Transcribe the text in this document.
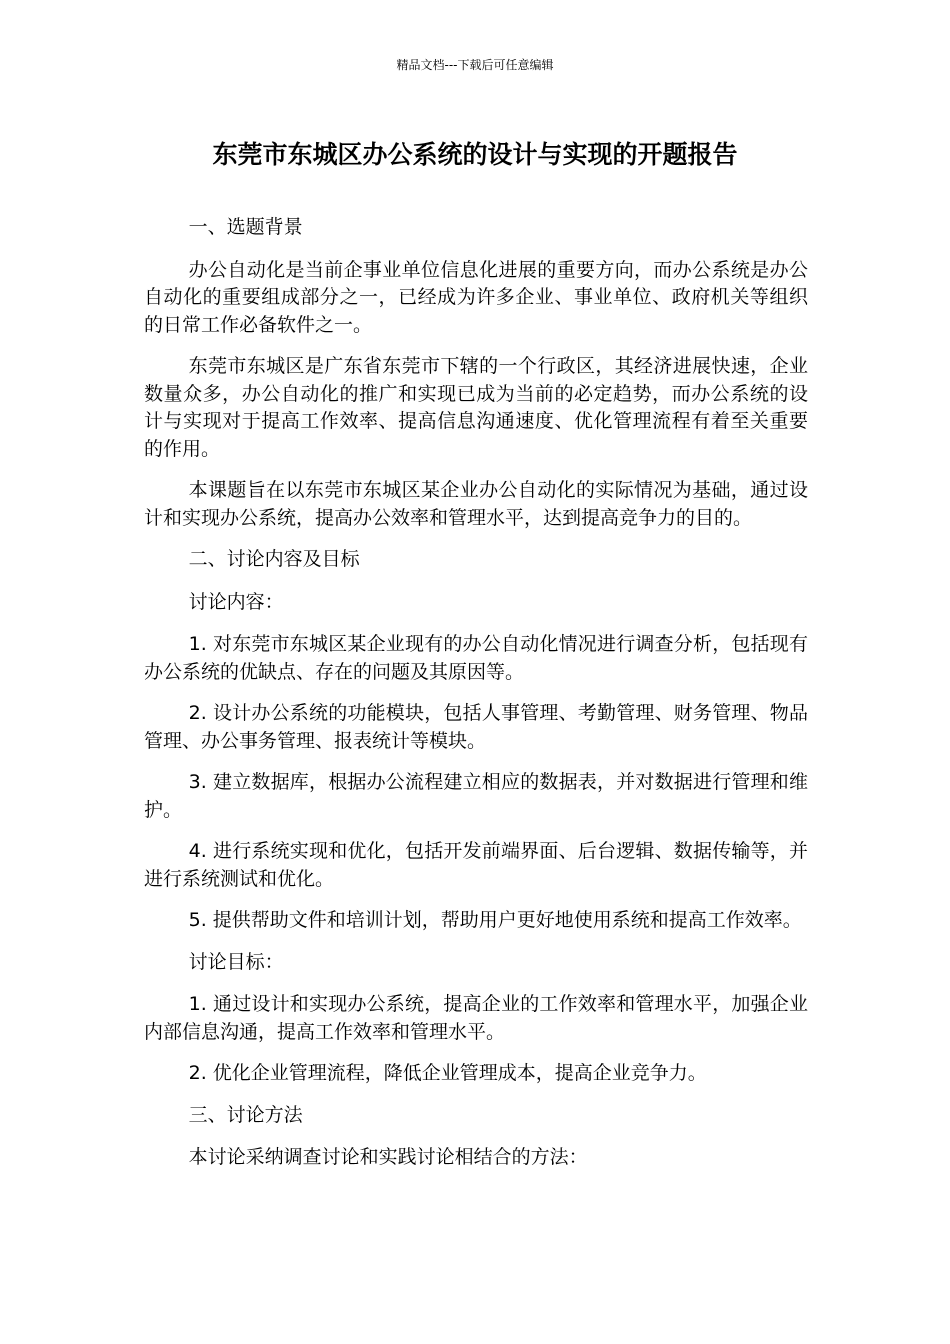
精品文档---下载后可任意编辑
东莞市东城区办公系统的设计与实现的开题报告

一、选题背景

办公自动化是当前企事业单位信息化进展的重要方向，而办公系统是办公自动化的重要组成部分之一，已经成为许多企业、事业单位、政府机关等组织的日常工作必备软件之一。

东莞市东城区是广东省东莞市下辖的一个行政区，其经济进展快速，企业数量众多，办公自动化的推广和实现已成为当前的必定趋势，而办公系统的设计与实现对于提高工作效率、提高信息沟通速度、优化管理流程有着至关重要的作用。

本课题旨在以东莞市东城区某企业办公自动化的实际情况为基础，通过设计和实现办公系统，提高办公效率和管理水平，达到提高竞争力的目的。

二、讨论内容及目标

讨论内容：

1. 对东莞市东城区某企业现有的办公自动化情况进行调查分析，包括现有办公系统的优缺点、存在的问题及其原因等。

2. 设计办公系统的功能模块，包括人事管理、考勤管理、财务管理、物品管理、办公事务管理、报表统计等模块。

3. 建立数据库，根据办公流程建立相应的数据表，并对数据进行管理和维护。

4. 进行系统实现和优化，包括开发前端界面、后台逻辑、数据传输等，并进行系统测试和优化。

5. 提供帮助文件和培训计划，帮助用户更好地使用系统和提高工作效率。

讨论目标：

1. 通过设计和实现办公系统，提高企业的工作效率和管理水平，加强企业内部信息沟通，提高工作效率和管理水平。

2. 优化企业管理流程，降低企业管理成本，提高企业竞争力。

三、讨论方法

本讨论采纳调查讨论和实践讨论相结合的方法：
